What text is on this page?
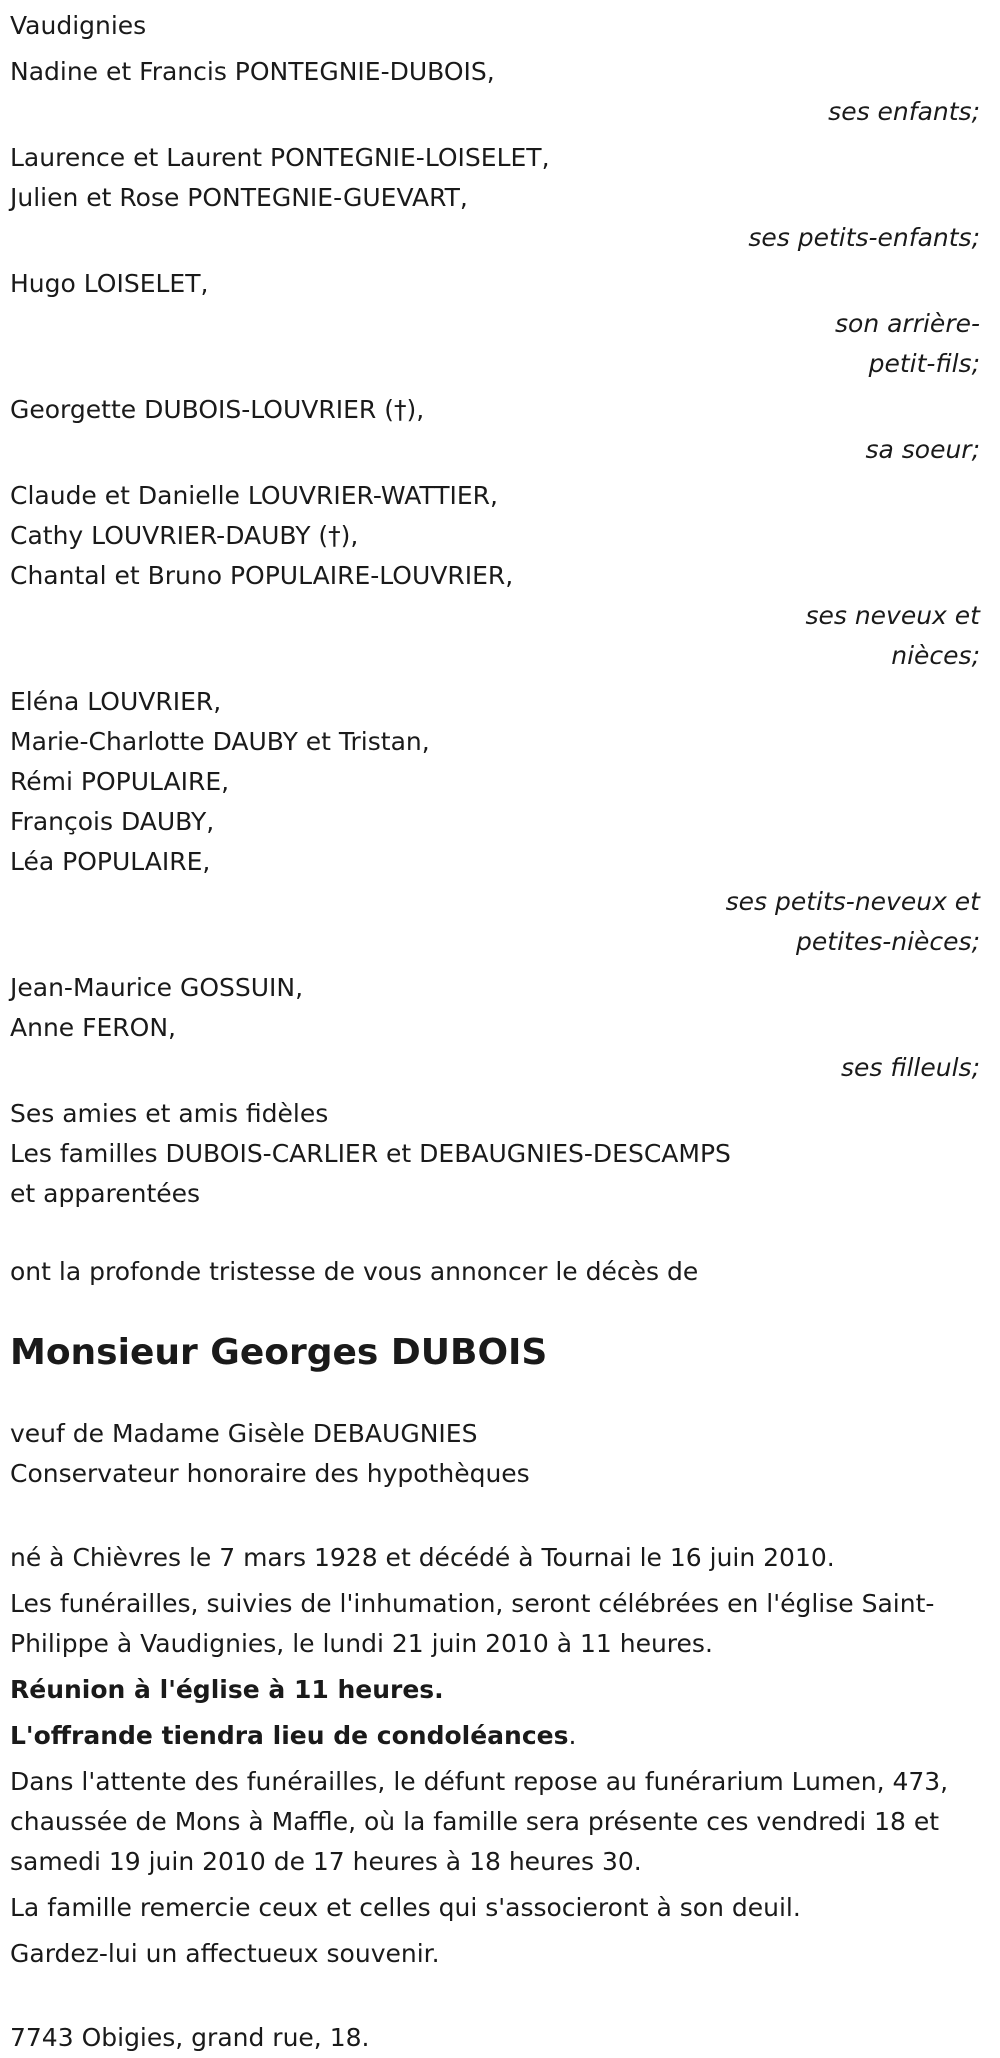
Vaudignies

Nadine et Francis PONTEGNIE-DUBOIS,

ses enfants;

Laurence et Laurent PONTEGNIE-LOISELET,

Julien et Rose PONTEGNIE-GUEVART,

ses petits-enfants;

Hugo LOISELET,

son arrière-

petit-fils;

Georgette DUBOIS-LOUVRIER (†),

sa soeur;

Claude et Danielle LOUVRIER-WATTIER,

Cathy LOUVRIER-DAUBY (†),

Chantal et Bruno POPULAIRE-LOUVRIER,

ses neveux et

nièces;

Eléna LOUVRIER,

Marie-Charlotte DAUBY et Tristan,

Rémi POPULAIRE,

François DAUBY,

Léa POPULAIRE,

ses petits-neveux et

petites-nièces;

Jean-Maurice GOSSUIN,

Anne FERON,

ses filleuls;

Ses amies et amis fidèles

Les familles DUBOIS-CARLIER et DEBAUGNIES-DESCAMPS

et apparentées

ont la profonde tristesse de vous annoncer le décès de

Monsieur Georges DUBOIS

veuf de Madame Gisèle DEBAUGNIES

Conservateur honoraire des hypothèques

né à Chièvres le 7 mars 1928 et décédé à Tournai le 16 juin 2010.

Les funérailles, suivies de l'inhumation, seront célébrées en l'église Saint-Philippe à Vaudignies, le lundi 21 juin 2010 à 11 heures.

Réunion à l'église à 11 heures.

L'offrande tiendra lieu de condoléances.

Dans l'attente des funérailles, le défunt repose au funérarium Lumen, 473, chaussée de Mons à Maffle, où la famille sera présente ces vendredi 18 et samedi 19 juin 2010 de 17 heures à 18 heures 30.

La famille remercie ceux et celles qui s'associeront à son deuil.

Gardez-lui un affectueux souvenir.

7743 Obigies, grand rue, 18.
